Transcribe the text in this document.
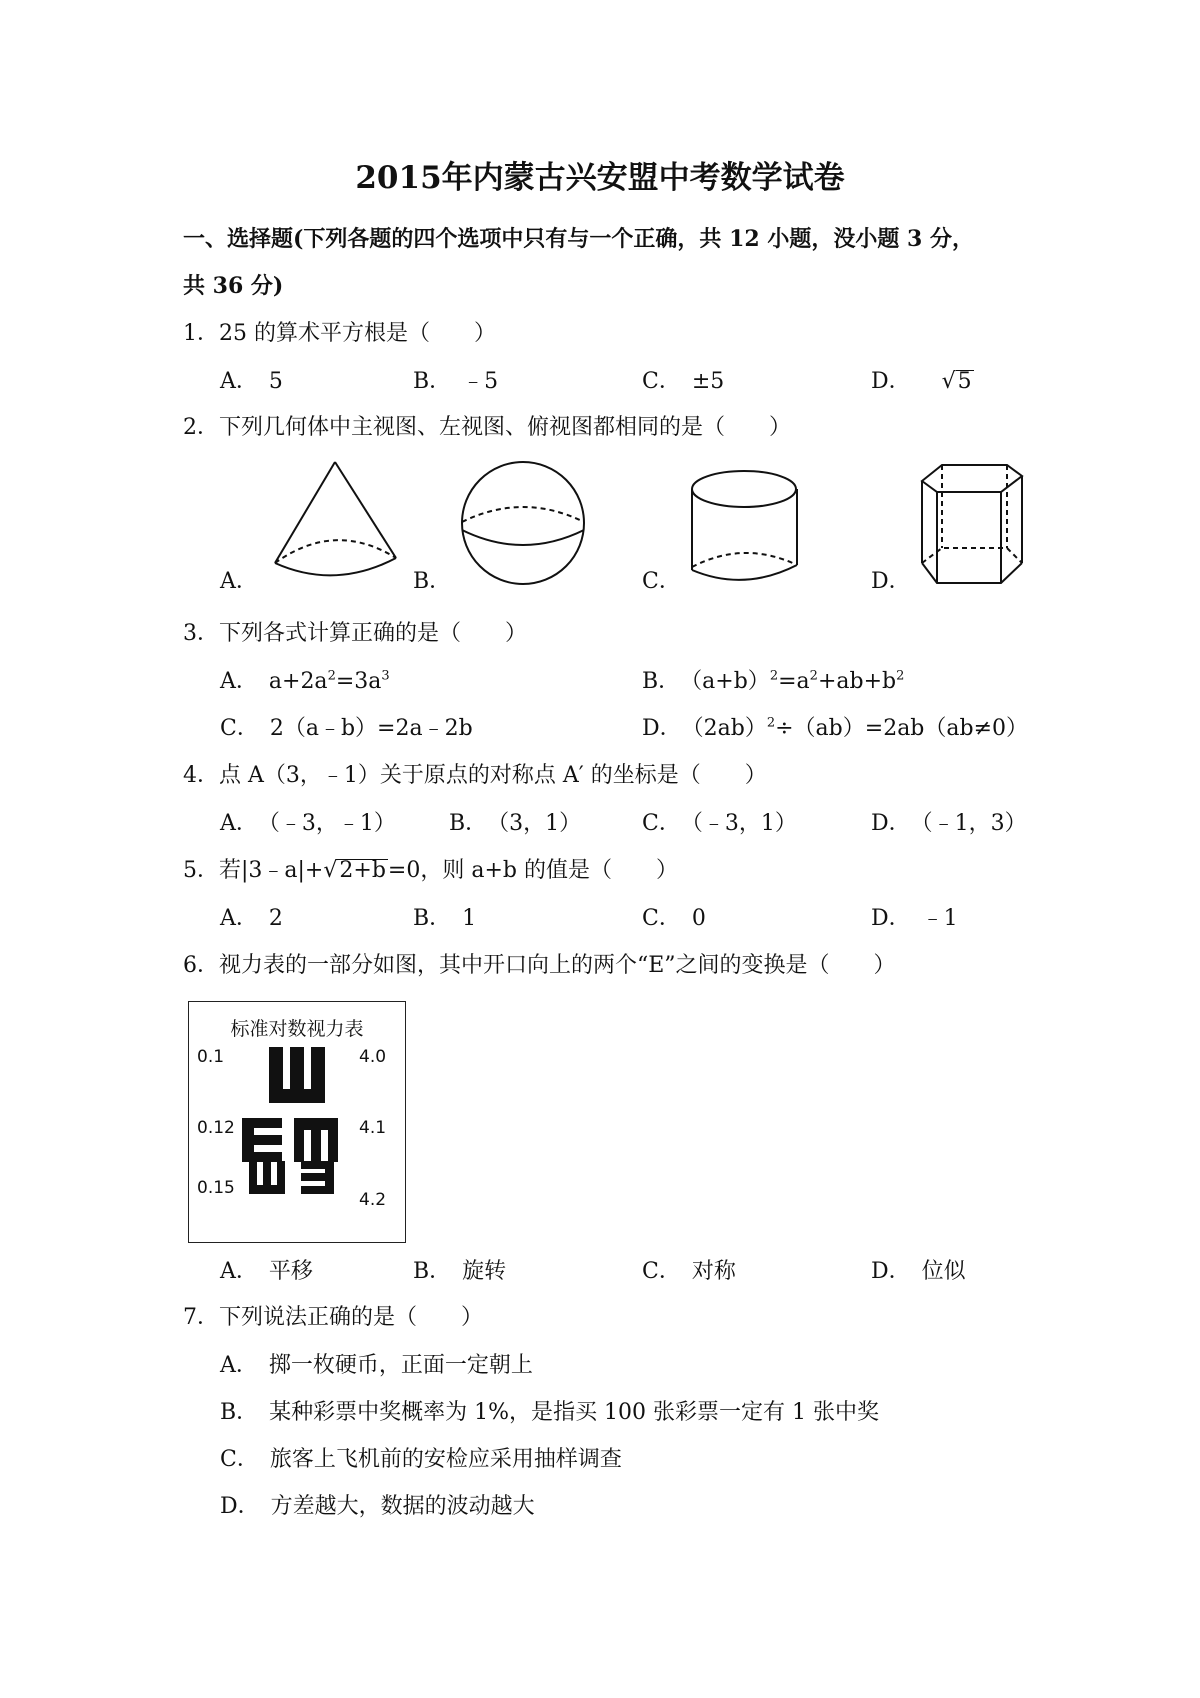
2015年内蒙古兴安盟中考数学试卷
一、选择题(下列各题的四个选项中只有与一个正确，共 12 小题，没小题 3 分，
共 36 分)
1．25 的算术平方根是（　　）
A．　5	B．　﹣5	C．　±5	D． √5
2．下列几何体中主视图、左视图、俯视图都相同的是（　　）
A．	B．	C．	D．
3．下列各式计算正确的是（　　）
A．　$a+2a^2=3a^3$	B．　$(a+b)^2=a^2+ab+b^2$
C．　2（a﹣b）=2a﹣2b	D．　$(2ab)^2\div(ab)=2ab(ab\ne 0)$
4．点 A（3，﹣1）关于原点的对称点 A′ 的坐标是（　　）
A．　（﹣3，﹣1） B．　（3，1）	C．　（﹣3，1）	D．　（﹣1，3）
5．若|3﹣a|+√2+b=0，则 a+b 的值是（　　）
A．　2	B．　1	C．　0	D．　﹣1
6．视力表的一部分如图，其中开口向上的两个“E”之间的变换是（　　）
标准对数视力表
0.1
0.12
0.15
4.0
4.1
4.2
A．　平移	B．　旋转	C．　对称	D．　位似
7．下列说法正确的是（　　）
A．　掷一枚硬币，正面一定朝上
B．　某种彩票中奖概率为 1%，是指买 100 张彩票一定有 1 张中奖
C．　旅客上飞机前的安检应采用抽样调查
D．　方差越大，数据的波动越大
